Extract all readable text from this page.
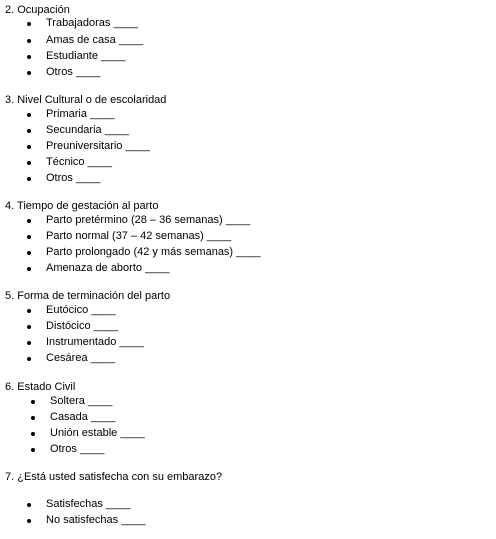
2. Ocupación
Trabajadoras ____
Amas de casa ____
Estudiante ____
Otros ____
3. Nivel Cultural o de escolaridad
Primaria ____
Secundaria ____
Preuniversitario ____
Técnico ____
Otros ____
4. Tiempo de gestación al parto
Parto pretérmino (28 – 36 semanas) ____
Parto normal (37 – 42 semanas) ____
Parto prolongado (42 y más semanas) ____
Amenaza de aborto ____
5. Forma de terminación del parto
Eutócico ____
Distócico ____
Instrumentado ____
Cesárea ____
6. Estado Civil
Soltera ____
Casada ____
Unión estable ____
Otros ____
7. ¿Está usted satisfecha con su embarazo?
Satisfechas ____
No satisfechas ____
